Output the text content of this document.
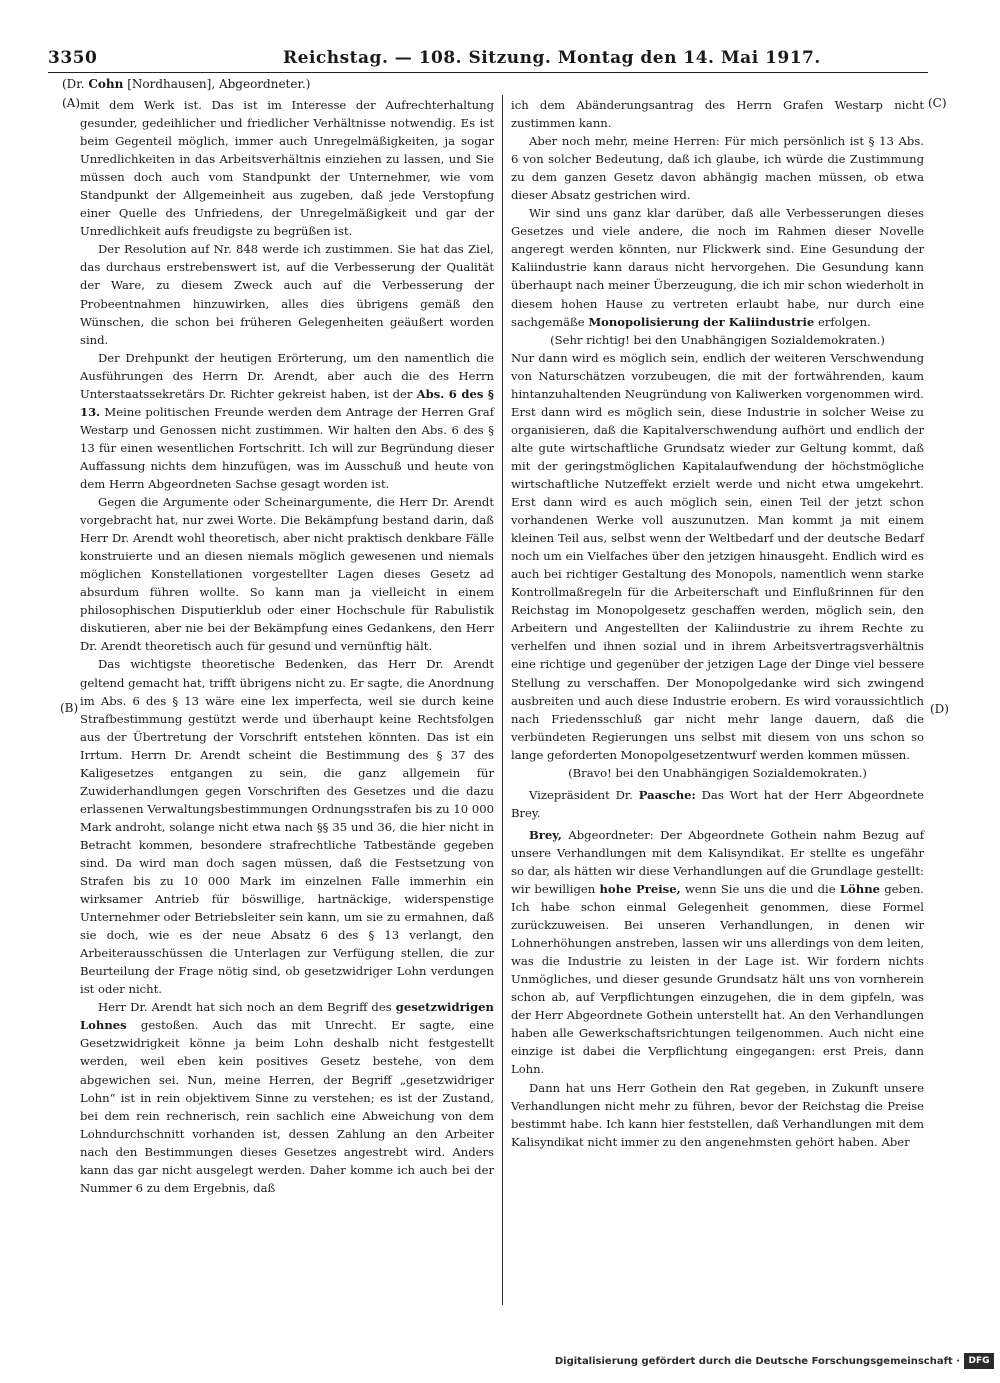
3350	Reichstag. — 108. Sitzung. Montag den 14. Mai 1917.
(Dr. Cohn [Nordhausen], Abgeordneter.)
(A)
(B)
(C)
(D)

mit dem Werk ist. Das ist im Interesse der Aufrechterhaltung gesunder, gedeihlicher und friedlicher Verhältnisse notwendig. Es ist beim Gegenteil möglich, immer auch Unregelmäßigkeiten, ja sogar Unredlichkeiten in das Arbeitsverhältnis einziehen zu lassen, und Sie müssen doch auch vom Standpunkt der Unternehmer, wie vom Standpunkt der Allgemeinheit aus zugeben, daß jede Verstopfung einer Quelle des Unfriedens, der Unregelmäßigkeit und gar der Unredlichkeit aufs freudigste zu begrüßen ist.

Der Resolution auf Nr. 848 werde ich zustimmen. Sie hat das Ziel, das durchaus erstrebenswert ist, auf die Verbesserung der Qualität der Ware, zu diesem Zweck auch auf die Verbesserung der Probeentnahmen hinzuwirken, alles dies übrigens gemäß den Wünschen, die schon bei früheren Gelegenheiten geäußert worden sind.

Der Drehpunkt der heutigen Erörterung, um den namentlich die Ausführungen des Herrn Dr. Arendt, aber auch die des Herrn Unterstaatssekretärs Dr. Richter gekreist haben, ist der Abs. 6 des § 13. Meine politischen Freunde werden dem Antrage der Herren Graf Westarp und Genossen nicht zustimmen. Wir halten den Abs. 6 des § 13 für einen wesentlichen Fortschritt. Ich will zur Begründung dieser Auffassung nichts dem hinzufügen, was im Ausschuß und heute von dem Herrn Abgeordneten Sachse gesagt worden ist.

Gegen die Argumente oder Scheinargumente, die Herr Dr. Arendt vorgebracht hat, nur zwei Worte. Die Bekämpfung bestand darin, daß Herr Dr. Arendt wohl theoretisch, aber nicht praktisch denkbare Fälle konstruierte und an diesen niemals möglich gewesenen und niemals möglichen Konstellationen vorgestellter Lagen dieses Gesetz ad absurdum führen wollte. So kann man ja vielleicht in einem philosophischen Disputierklub oder einer Hochschule für Rabulistik diskutieren, aber nie bei der Bekämpfung eines Gedankens, den Herr Dr. Arendt theoretisch auch für gesund und vernünftig hält.

Das wichtigste theoretische Bedenken, das Herr Dr. Arendt geltend gemacht hat, trifft übrigens nicht zu. Er sagte, die Anordnung im Abs. 6 des § 13 wäre eine lex imperfecta, weil sie durch keine Strafbestimmung gestützt werde und überhaupt keine Rechtsfolgen aus der Übertretung der Vorschrift entstehen könnten. Das ist ein Irrtum. Herrn Dr. Arendt scheint die Bestimmung des § 37 des Kaligesetzes entgangen zu sein, die ganz allgemein für Zuwiderhandlungen gegen Vorschriften des Gesetzes und die dazu erlassenen Verwaltungsbestimmungen Ordnungsstrafen bis zu 10 000 Mark androht, solange nicht etwa nach §§ 35 und 36, die hier nicht in Betracht kommen, besondere strafrechtliche Tatbestände gegeben sind. Da wird man doch sagen müssen, daß die Festsetzung von Strafen bis zu 10 000 Mark im einzelnen Falle immerhin ein wirksamer Antrieb für böswillige, hartnäckige, widerspenstige Unternehmer oder Betriebsleiter sein kann, um sie zu ermahnen, daß sie doch, wie es der neue Absatz 6 des § 13 verlangt, den Arbeiterausschüssen die Unterlagen zur Verfügung stellen, die zur Beurteilung der Frage nötig sind, ob gesetzwidriger Lohn verdungen ist oder nicht.

Herr Dr. Arendt hat sich noch an dem Begriff des gesetzwidrigen Lohnes gestoßen. Auch das mit Unrecht. Er sagte, eine Gesetzwidrigkeit könne ja beim Lohn deshalb nicht festgestellt werden, weil eben kein positives Gesetz bestehe, von dem abgewichen sei. Nun, meine Herren, der Begriff „gesetzwidriger Lohn“ ist in rein objektivem Sinne zu verstehen; es ist der Zustand, bei dem rein rechnerisch, rein sachlich eine Abweichung von dem Lohndurchschnitt vorhanden ist, dessen Zahlung an den Arbeiter nach den Bestimmungen dieses Gesetzes angestrebt wird. Anders kann das gar nicht ausgelegt werden. Daher komme ich auch bei der Nummer 6 zu dem Ergebnis, daß

ich dem Abänderungsantrag des Herrn Grafen Westarp nicht zustimmen kann.

Aber noch mehr, meine Herren: Für mich persönlich ist § 13 Abs. 6 von solcher Bedeutung, daß ich glaube, ich würde die Zustimmung zu dem ganzen Gesetz davon abhängig machen müssen, ob etwa dieser Absatz gestrichen wird.

Wir sind uns ganz klar darüber, daß alle Verbesserungen dieses Gesetzes und viele andere, die noch im Rahmen dieser Novelle angeregt werden könnten, nur Flickwerk sind. Eine Gesundung der Kaliindustrie kann daraus nicht hervorgehen. Die Gesundung kann überhaupt nach meiner Überzeugung, die ich mir schon wiederholt in diesem hohen Hause zu vertreten erlaubt habe, nur durch eine sachgemäße Monopolisierung der Kaliindustrie erfolgen.

(Sehr richtig! bei den Unabhängigen Sozialdemokraten.)

Nur dann wird es möglich sein, endlich der weiteren Verschwendung von Naturschätzen vorzubeugen, die mit der fortwährenden, kaum hintanzuhaltenden Neugründung von Kaliwerken vorgenommen wird. Erst dann wird es möglich sein, diese Industrie in solcher Weise zu organisieren, daß die Kapitalverschwendung aufhört und endlich der alte gute wirtschaftliche Grundsatz wieder zur Geltung kommt, daß mit der geringstmöglichen Kapitalaufwendung der höchstmögliche wirtschaftliche Nutzeffekt erzielt werde und nicht etwa umgekehrt. Erst dann wird es auch möglich sein, einen Teil der jetzt schon vorhandenen Werke voll auszunutzen. Man kommt ja mit einem kleinen Teil aus, selbst wenn der Weltbedarf und der deutsche Bedarf noch um ein Vielfaches über den jetzigen hinausgeht. Endlich wird es auch bei richtiger Gestaltung des Monopols, namentlich wenn starke Kontrollmaßregeln für die Arbeiterschaft und Einflußrinnen für den Reichstag im Monopolgesetz geschaffen werden, möglich sein, den Arbeitern und Angestellten der Kaliindustrie zu ihrem Rechte zu verhelfen und ihnen sozial und in ihrem Arbeitsvertragsverhältnis eine richtige und gegenüber der jetzigen Lage der Dinge viel bessere Stellung zu verschaffen. Der Monopolgedanke wird sich zwingend ausbreiten und auch diese Industrie erobern. Es wird voraussichtlich nach Friedensschluß gar nicht mehr lange dauern, daß die verbündeten Regierungen uns selbst mit diesem von uns schon so lange geforderten Monopolgesetzentwurf werden kommen müssen.

(Bravo! bei den Unabhängigen Sozialdemokraten.)

Vizepräsident Dr. Paasche: Das Wort hat der Herr Abgeordnete Brey.

Brey, Abgeordneter: Der Abgeordnete Gothein nahm Bezug auf unsere Verhandlungen mit dem Kalisyndikat. Er stellte es ungefähr so dar, als hätten wir diese Verhandlungen auf die Grundlage gestellt: wir bewilligen hohe Preise, wenn Sie uns die und die Löhne geben. Ich habe schon einmal Gelegenheit genommen, diese Formel zurückzuweisen. Bei unseren Verhandlungen, in denen wir Lohnerhöhungen anstreben, lassen wir uns allerdings von dem leiten, was die Industrie zu leisten in der Lage ist. Wir fordern nichts Unmögliches, und dieser gesunde Grundsatz hält uns von vornherein schon ab, auf Verpflichtungen einzugehen, die in dem gipfeln, was der Herr Abgeordnete Gothein unterstellt hat. An den Verhandlungen haben alle Gewerkschaftsrichtungen teilgenommen. Auch nicht eine einzige ist dabei die Verpflichtung eingegangen: erst Preis, dann Lohn.

Dann hat uns Herr Gothein den Rat gegeben, in Zukunft unsere Verhandlungen nicht mehr zu führen, bevor der Reichstag die Preise bestimmt habe. Ich kann hier feststellen, daß Verhandlungen mit dem Kalisyndikat nicht immer zu den angenehmsten gehört haben. Aber

Digitalisierung gefördert durch die Deutsche Forschungsgemeinschaft · DFG
